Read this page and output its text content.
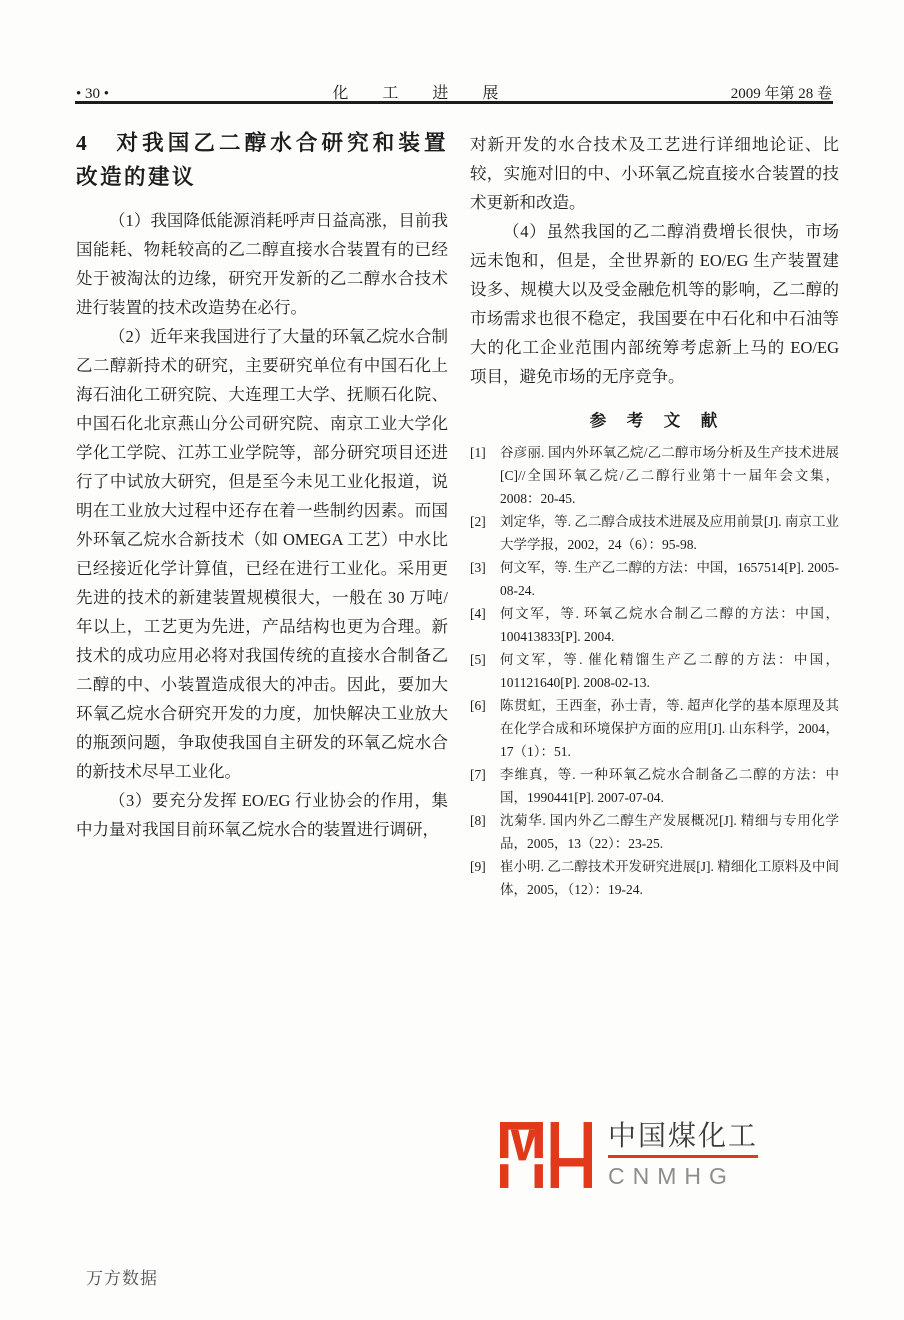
• 30 •	化　工　进　展	2009 年第 28 卷
4　对我国乙二醇水合研究和装置改造的建议

（1）我国降低能源消耗呼声日益高涨，目前我国能耗、物耗较高的乙二醇直接水合装置有的已经处于被淘汰的边缘，研究开发新的乙二醇水合技术进行装置的技术改造势在必行。

（2）近年来我国进行了大量的环氧乙烷水合制乙二醇新持术的研究，主要研究单位有中国石化上海石油化工研究院、大连理工大学、抚顺石化院、中国石化北京燕山分公司研究院、南京工业大学化学化工学院、江苏工业学院等，部分研究项目还进行了中试放大研究，但是至今未见工业化报道，说明在工业放大过程中还存在着一些制约因素。而国外环氧乙烷水合新技术（如 OMEGA 工艺）中水比已经接近化学计算值，已经在进行工业化。采用更先进的技术的新建装置规模很大，一般在 30 万吨/年以上，工艺更为先进，产品结构也更为合理。新技术的成功应用必将对我国传统的直接水合制备乙二醇的中、小装置造成很大的冲击。因此，要加大环氧乙烷水合研究开发的力度，加快解决工业放大的瓶颈问题，争取使我国自主研发的环氧乙烷水合的新技术尽早工业化。

（3）要充分发挥 EO/EG 行业协会的作用，集中力量对我国目前环氧乙烷水合的装置进行调研，

对新开发的水合技术及工艺进行详细地论证、比较，实施对旧的中、小环氧乙烷直接水合装置的技术更新和改造。

（4）虽然我国的乙二醇消费增长很快，市场远未饱和，但是，全世界新的 EO/EG 生产装置建设多、规模大以及受金融危机等的影响，乙二醇的市场需求也很不稳定，我国要在中石化和中石油等大的化工企业范围内部统筹考虑新上马的 EO/EG 项目，避免市场的无序竞争。

参　考　文　献
[1]	谷彦丽. 国内外环氧乙烷/乙二醇市场分析及生产技术进展[C]//全国环氧乙烷/乙二醇行业第十一届年会文集，2008：20-45.
[2]	刘定华，等. 乙二醇合成技术进展及应用前景[J]. 南京工业大学学报，2002，24（6）：95-98.
[3]	何文军，等. 生产乙二醇的方法：中国，1657514[P]. 2005-08-24.
[4]	何文军，等. 环氧乙烷水合制乙二醇的方法：中国，100413833[P]. 2004.
[5]	何文军，等. 催化精馏生产乙二醇的方法：中国，101121640[P]. 2008-02-13.
[6]	陈贯虹，王西奎，孙士青，等. 超声化学的基本原理及其在化学合成和环境保护方面的应用[J]. 山东科学，2004，17（1）：51.
[7]	李维真，等. 一种环氧乙烷水合制备乙二醇的方法：中国，1990441[P]. 2007-07-04.
[8]	沈菊华. 国内外乙二醇生产发展概况[J]. 精细与专用化学品，2005，13（22）：23-25.
[9]	崔小明. 乙二醇技术开发研究进展[J]. 精细化工原料及中间体，2005，（12）：19-24.
中国煤化工
CNMHG
万方数据
